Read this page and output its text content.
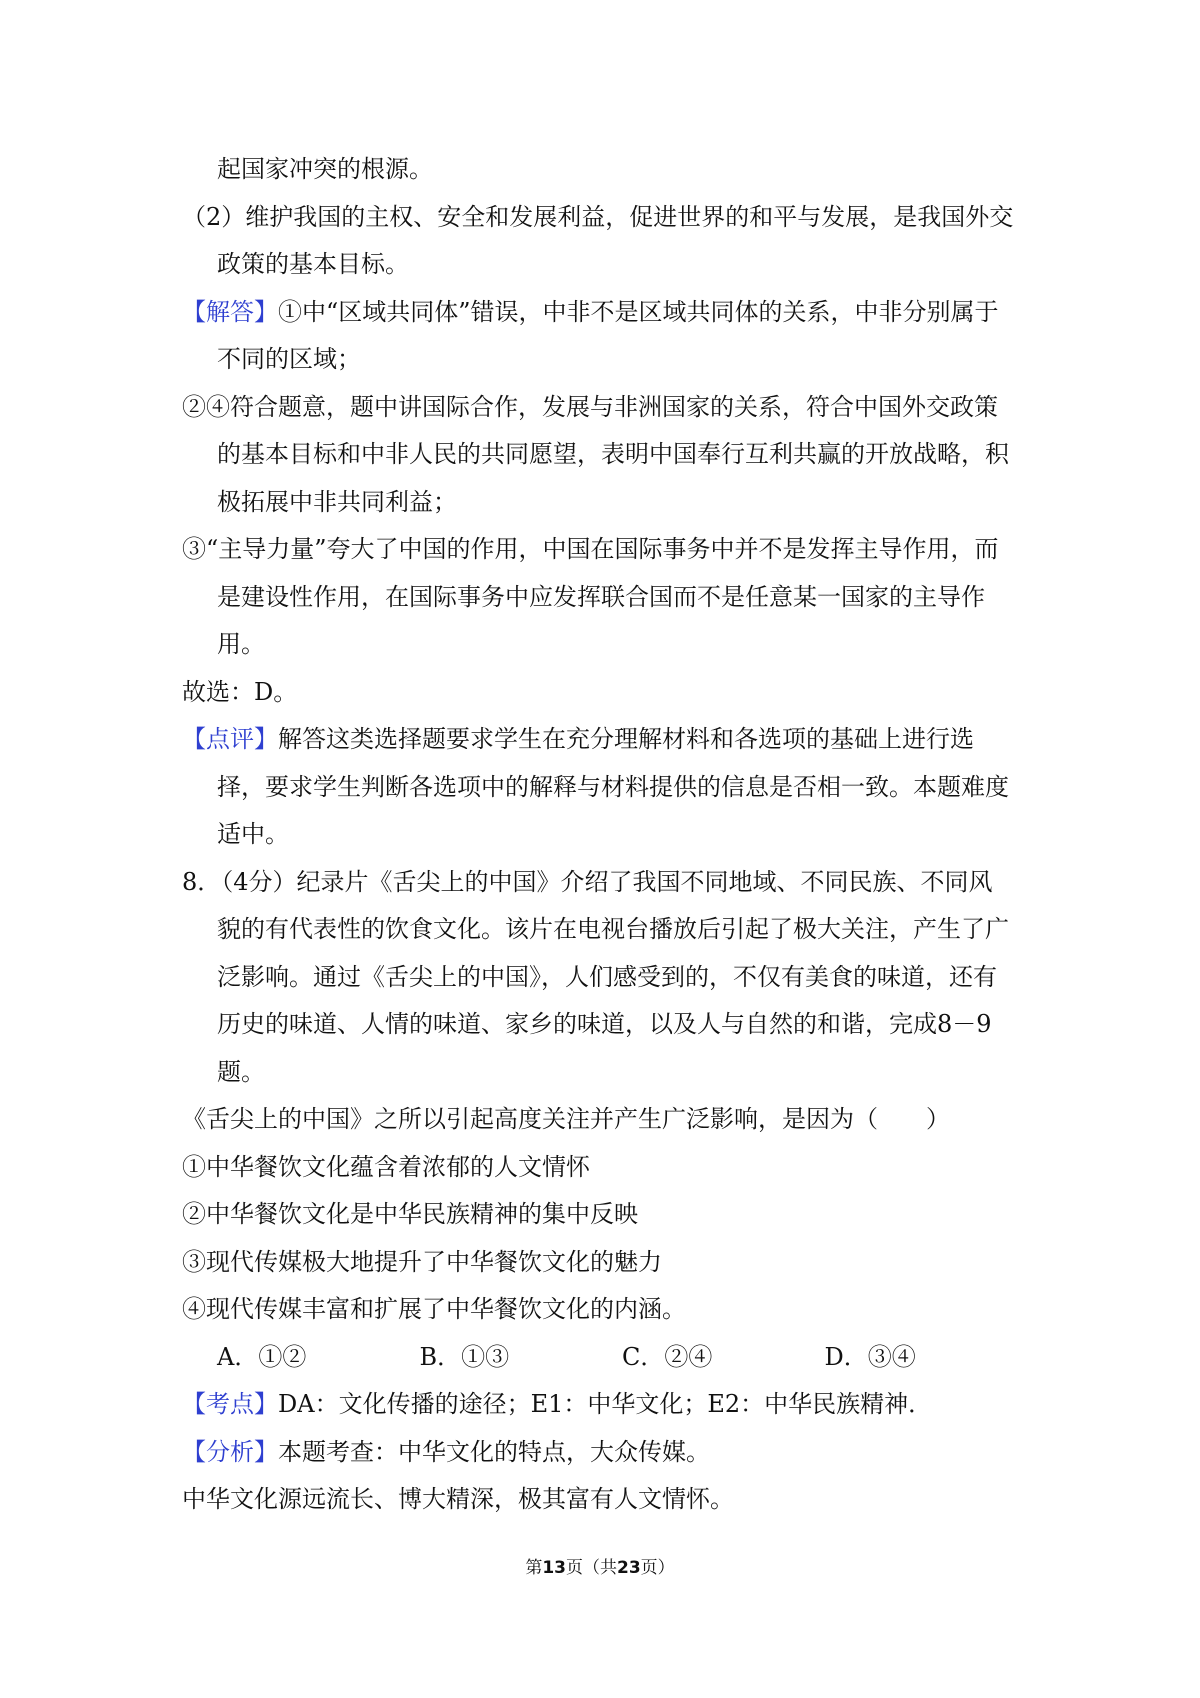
起国家冲突的根源。
（2）维护我国的主权、安全和发展利益，促进世界的和平与发展，是我国外交
政策的基本目标。
【解答】①中“区域共同体”错误，中非不是区域共同体的关系，中非分别属于
不同的区域；
②④符合题意，题中讲国际合作，发展与非洲国家的关系，符合中国外交政策
的基本目标和中非人民的共同愿望，表明中国奉行互利共赢的开放战略，积
极拓展中非共同利益；
③“主导力量”夸大了中国的作用，中国在国际事务中并不是发挥主导作用，而
是建设性作用，在国际事务中应发挥联合国而不是任意某一国家的主导作
用。
故选：D。
【点评】解答这类选择题要求学生在充分理解材料和各选项的基础上进行选
择，要求学生判断各选项中的解释与材料提供的信息是否相一致。本题难度
适中。
8．（4分）纪录片《舌尖上的中国》介绍了我国不同地域、不同民族、不同风
貌的有代表性的饮食文化。该片在电视台播放后引起了极大关注，产生了广
泛影响。通过《舌尖上的中国》，人们感受到的，不仅有美食的味道，还有
历史的味道、人情的味道、家乡的味道，以及人与自然的和谐，完成8－9
题。
《舌尖上的中国》之所以引起高度关注并产生广泛影响，是因为（　　）
①中华餐饮文化蕴含着浓郁的人文情怀
②中华餐饮文化是中华民族精神的集中反映
③现代传媒极大地提升了中华餐饮文化的魅力
④现代传媒丰富和扩展了中华餐饮文化的内涵。
A．①②	B．①③	C．②④	D．③④
【考点】DA：文化传播的途径；E1：中华文化；E2：中华民族精神．
【分析】本题考查：中华文化的特点，大众传媒。
中华文化源远流长、博大精深，极其富有人文情怀。
第13页（共23页）
